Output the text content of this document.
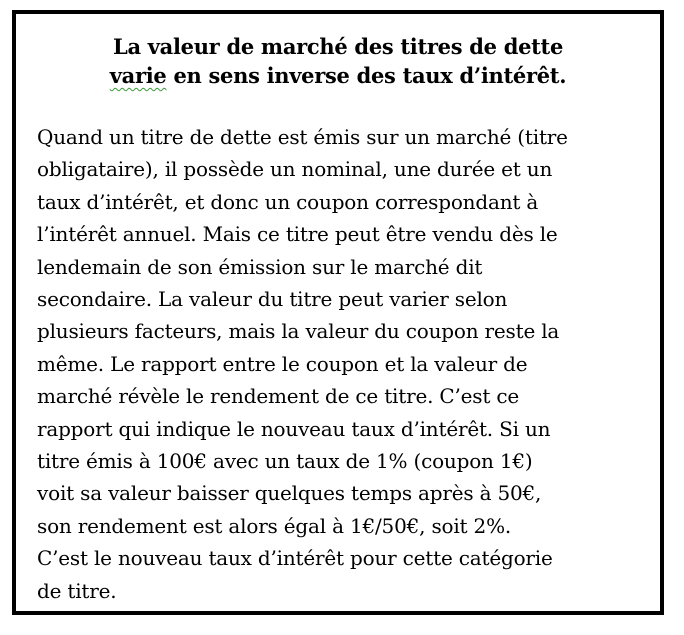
La valeur de marché des titres de dette
varie en sens inverse des taux d’intérêt.
Quand un titre de dette est émis sur un marché (titre
obligataire), il possède un nominal, une durée et un
taux d’intérêt, et donc un coupon correspondant à
l’intérêt annuel. Mais ce titre peut être vendu dès le
lendemain de son émission sur le marché dit
secondaire. La valeur du titre peut varier selon
plusieurs facteurs, mais la valeur du coupon reste la
même. Le rapport entre le coupon et la valeur de
marché révèle le rendement de ce titre. C’est ce
rapport qui indique le nouveau taux d’intérêt. Si un
titre émis à 100€ avec un taux de 1% (coupon 1€)
voit sa valeur baisser quelques temps après à 50€,
son rendement est alors égal à 1€/50€, soit 2%.
C’est le nouveau taux d’intérêt pour cette catégorie
de titre.
